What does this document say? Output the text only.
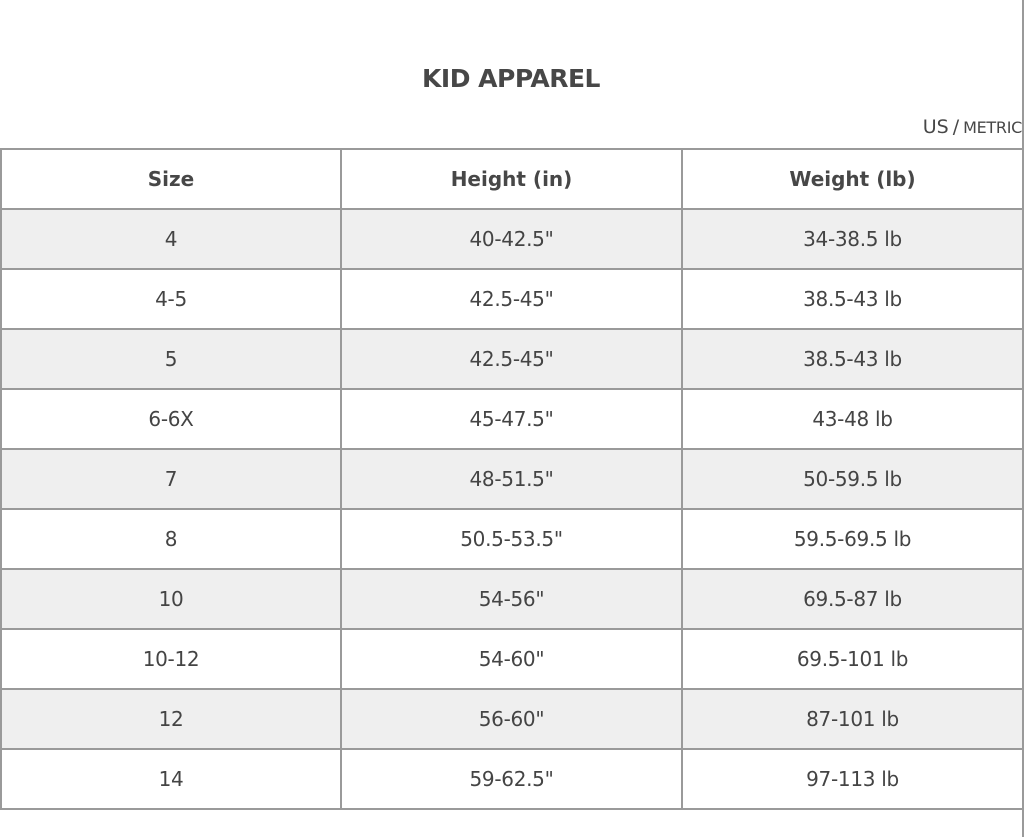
KID APPAREL
US / METRIC
Size	Height (in)	Weight (lb)
4	40-42.5"	34-38.5 lb
4-5	42.5-45"	38.5-43 lb
5	42.5-45"	38.5-43 lb
6-6X	45-47.5"	43-48 lb
7	48-51.5"	50-59.5 lb
8	50.5-53.5"	59.5-69.5 lb
10	54-56"	69.5-87 lb
10-12	54-60"	69.5-101 lb
12	56-60"	87-101 lb
14	59-62.5"	97-113 lb
